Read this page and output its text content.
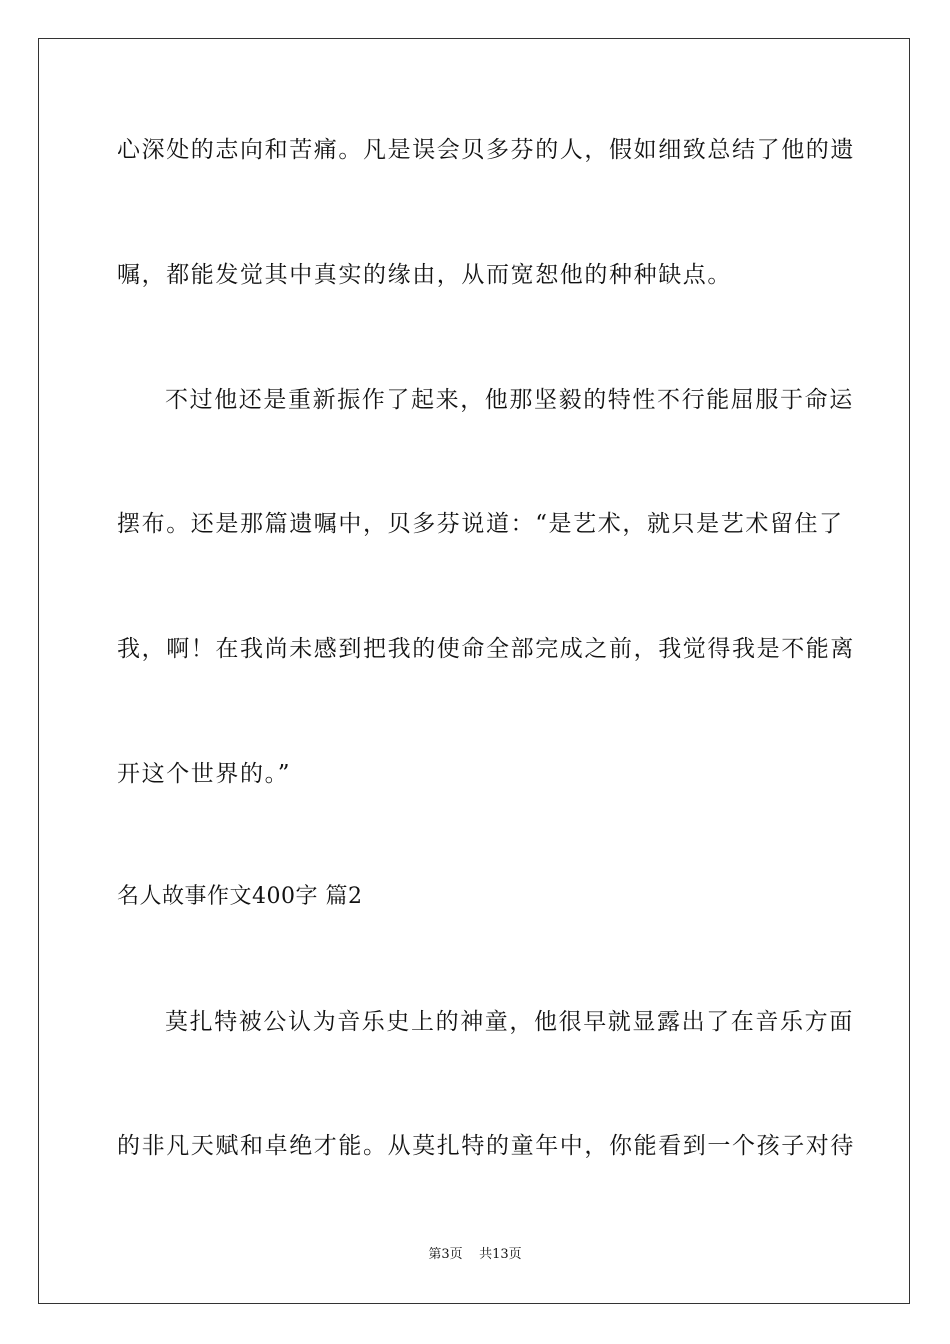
心深处的志向和苦痛。凡是误会贝多芬的人，假如细致总结了他的遗
嘱，都能发觉其中真实的缘由，从而宽恕他的种种缺点。
不过他还是重新振作了起来，他那坚毅的特性不行能屈服于命运
摆布。还是那篇遗嘱中，贝多芬说道：“是艺术，就只是艺术留住了
我，啊！在我尚未感到把我的使命全部完成之前，我觉得我是不能离
开这个世界的。”
名人故事作文400字 篇2
莫扎特被公认为音乐史上的神童，他很早就显露出了在音乐方面
的非凡天赋和卓绝才能。从莫扎特的童年中，你能看到一个孩子对待
第3页    共13页
